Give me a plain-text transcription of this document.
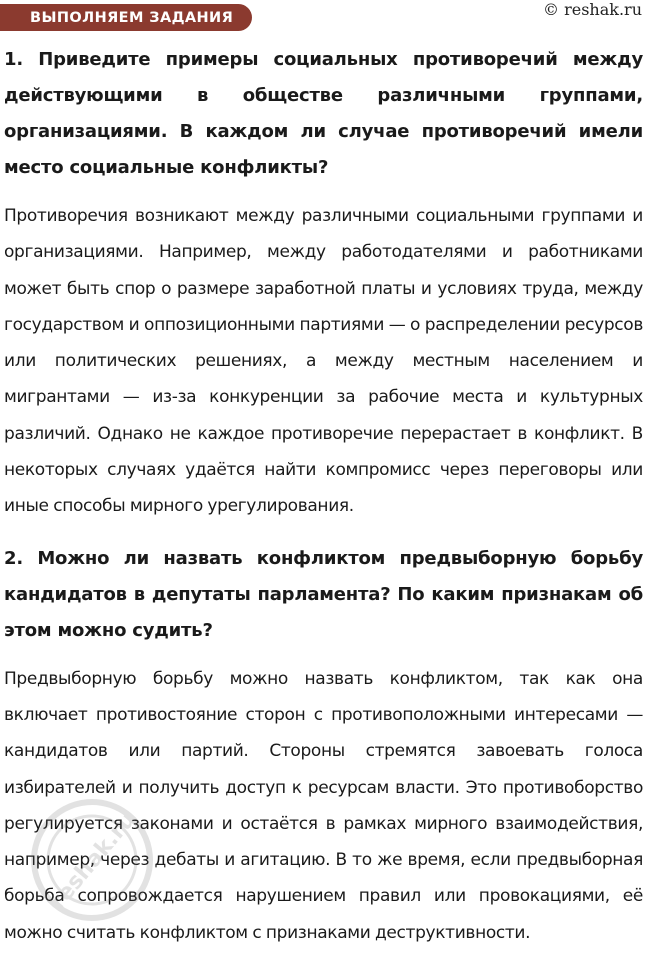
ВЫПОЛНЯЕМ ЗАДАНИЯ	© reshak.ru

1. Приведите примеры социальных противоречий между действующими в обществе различными группами, организациями. В каждом ли случае противоречий имели место социальные конфликты?

Противоречия возникают между различными социальными группами и организациями. Например, между работодателями и работниками может быть спор о размере заработной платы и условиях труда, между государством и оппозиционными партиями — о распределении ресурсов или политических решениях, а между местным населением и мигрантами — из-за конкуренции за рабочие места и культурных различий. Однако не каждое противоречие перерастает в конфликт. В некоторых случаях удаётся найти компромисс через переговоры или иные способы мирного урегулирования.

2. Можно ли назвать конфликтом предвыборную борьбу кандидатов в депутаты парламента? По каким признакам об этом можно судить?

Предвыборную борьбу можно назвать конфликтом, так как она включает противостояние сторон с противоположными интересами — кандидатов или партий. Стороны стремятся завоевать голоса избирателей и получить доступ к ресурсам власти. Это противоборство регулируется законами и остаётся в рамках мирного взаимодействия, например, через дебаты и агитацию. В то же время, если предвыборная борьба сопровождается нарушением правил или провокациями, её можно считать конфликтом с признаками деструктивности.

reshak.ru
